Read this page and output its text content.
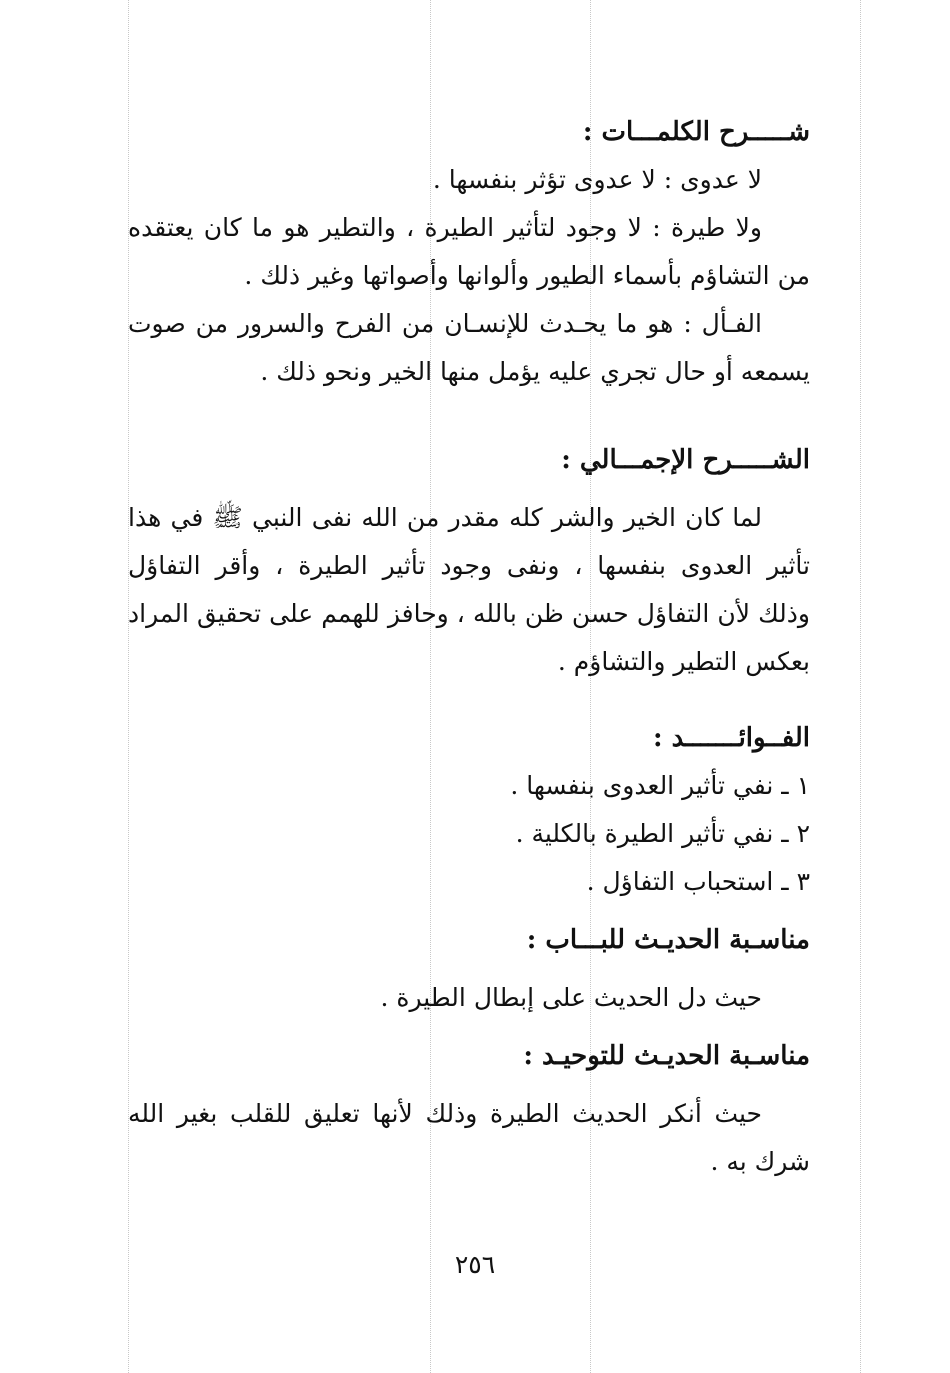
شـــــرح الكلمـــات :
لا عدوى : لا عدوى تؤثر بنفسها .
ولا طيرة : لا وجود لتأثير الطيرة ، والتطير هو ما كان يعتقده
من التشاؤم بأسماء الطيور وألوانها وأصواتها وغير ذلك .
الفـأل : هو ما يحـدث للإنسـان من الفرح والسرور من صوت
يسمعه أو حال تجري عليه يؤمل منها الخير ونحو ذلك .
الشـــــرح الإجمـــالي :
لما كان الخير والشر كله مقدر من الله نفى النبي ﷺ في هذا
تأثير العدوى بنفسها ، ونفى وجود تأثير الطيرة ، وأقر التفاؤل
وذلك لأن التفاؤل حسن ظن بالله ، وحافز للهمم على تحقيق المراد
بعكس التطير والتشاؤم .
الفــوائـــــــد :
١ ـ نفي تأثير العدوى بنفسها .
٢ ـ نفي تأثير الطيرة بالكلية .
٣ ـ استحباب التفاؤل .
مناسـبة الحديـث للبـــاب :
حيث دل الحديث على إبطال الطيرة .
مناسـبة الحديـث للتوحيـد :
حيث أنكر الحديث الطيرة وذلك لأنها تعليق للقلب بغير الله
شرك به .
٢٥٦
